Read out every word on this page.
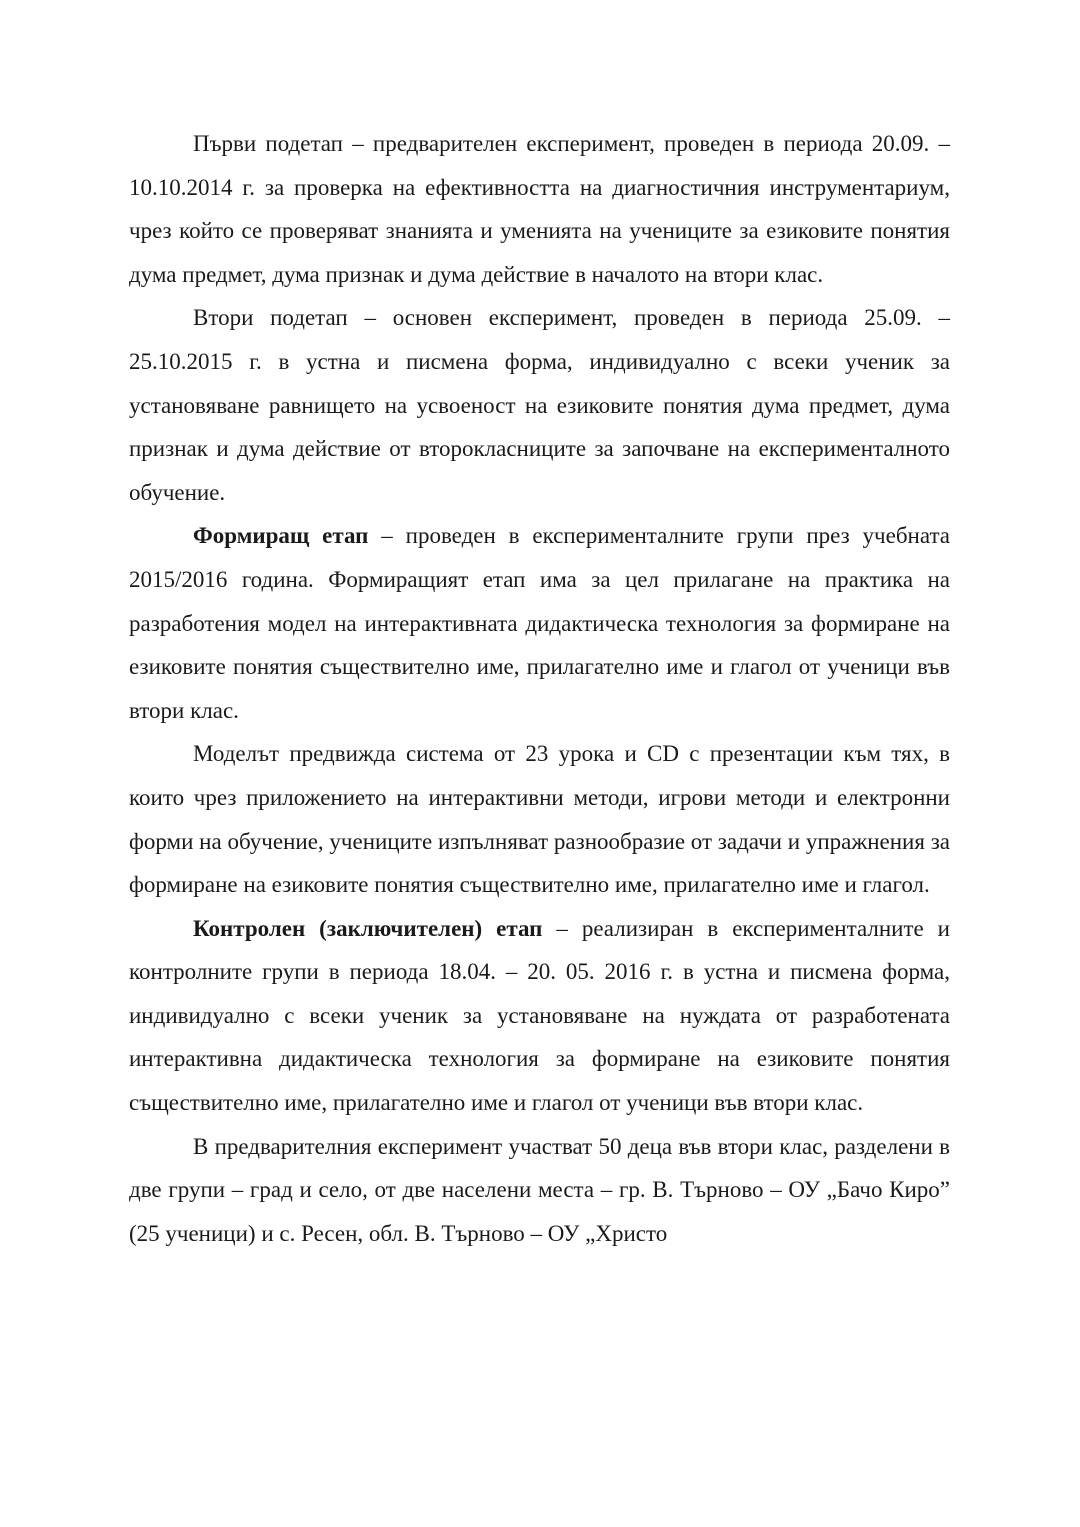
Първи подетап – предварителен експеримент, проведен в периода 20.09. – 10.10.2014 г. за проверка на ефективността на диагностичния инструментариум, чрез който се проверяват знанията и уменията на учениците за езиковите понятия дума предмет, дума признак и дума действие в началото на втори клас.

Втори подетап – основен експеримент, проведен в периода 25.09. – 25.10.2015 г. в устна и писмена форма, индивидуално с всеки ученик за установяване равнището на усвоеност на езиковите понятия дума предмет, дума признак и дума действие от второкласниците за започване на експерименталното обучение.

Формиращ етап – проведен в експерименталните групи през учебната 2015/2016 година. Формиращият етап има за цел прилагане на практика на разработения модел на интерактивната дидактическа технология за формиране на езиковите понятия съществително име, прилагателно име и глагол от ученици във втори клас.

Моделът предвижда система от 23 урока и CD с презентации към тях, в които чрез приложението на интерактивни методи, игрови методи и електронни форми на обучение, учениците изпълняват разнообразие от задачи и упражнения за формиране на езиковите понятия съществително име, прилагателно име и глагол.

Контролен (заключителен) етап – реализиран в експерименталните и контролните групи в периода 18.04. – 20. 05. 2016 г. в устна и писмена форма, индивидуално с всеки ученик за установяване на нуждата от разработената интерактивна дидактическа технология за формиране на езиковите понятия съществително име, прилагателно име и глагол от ученици във втори клас.

В предварителния експеримент участват 50 деца във втори клас, разделени в две групи – град и село, от две населени места – гр. В. Търново – ОУ „Бачо Киро” (25 ученици) и с. Ресен, обл. В. Търново – ОУ „Христо
